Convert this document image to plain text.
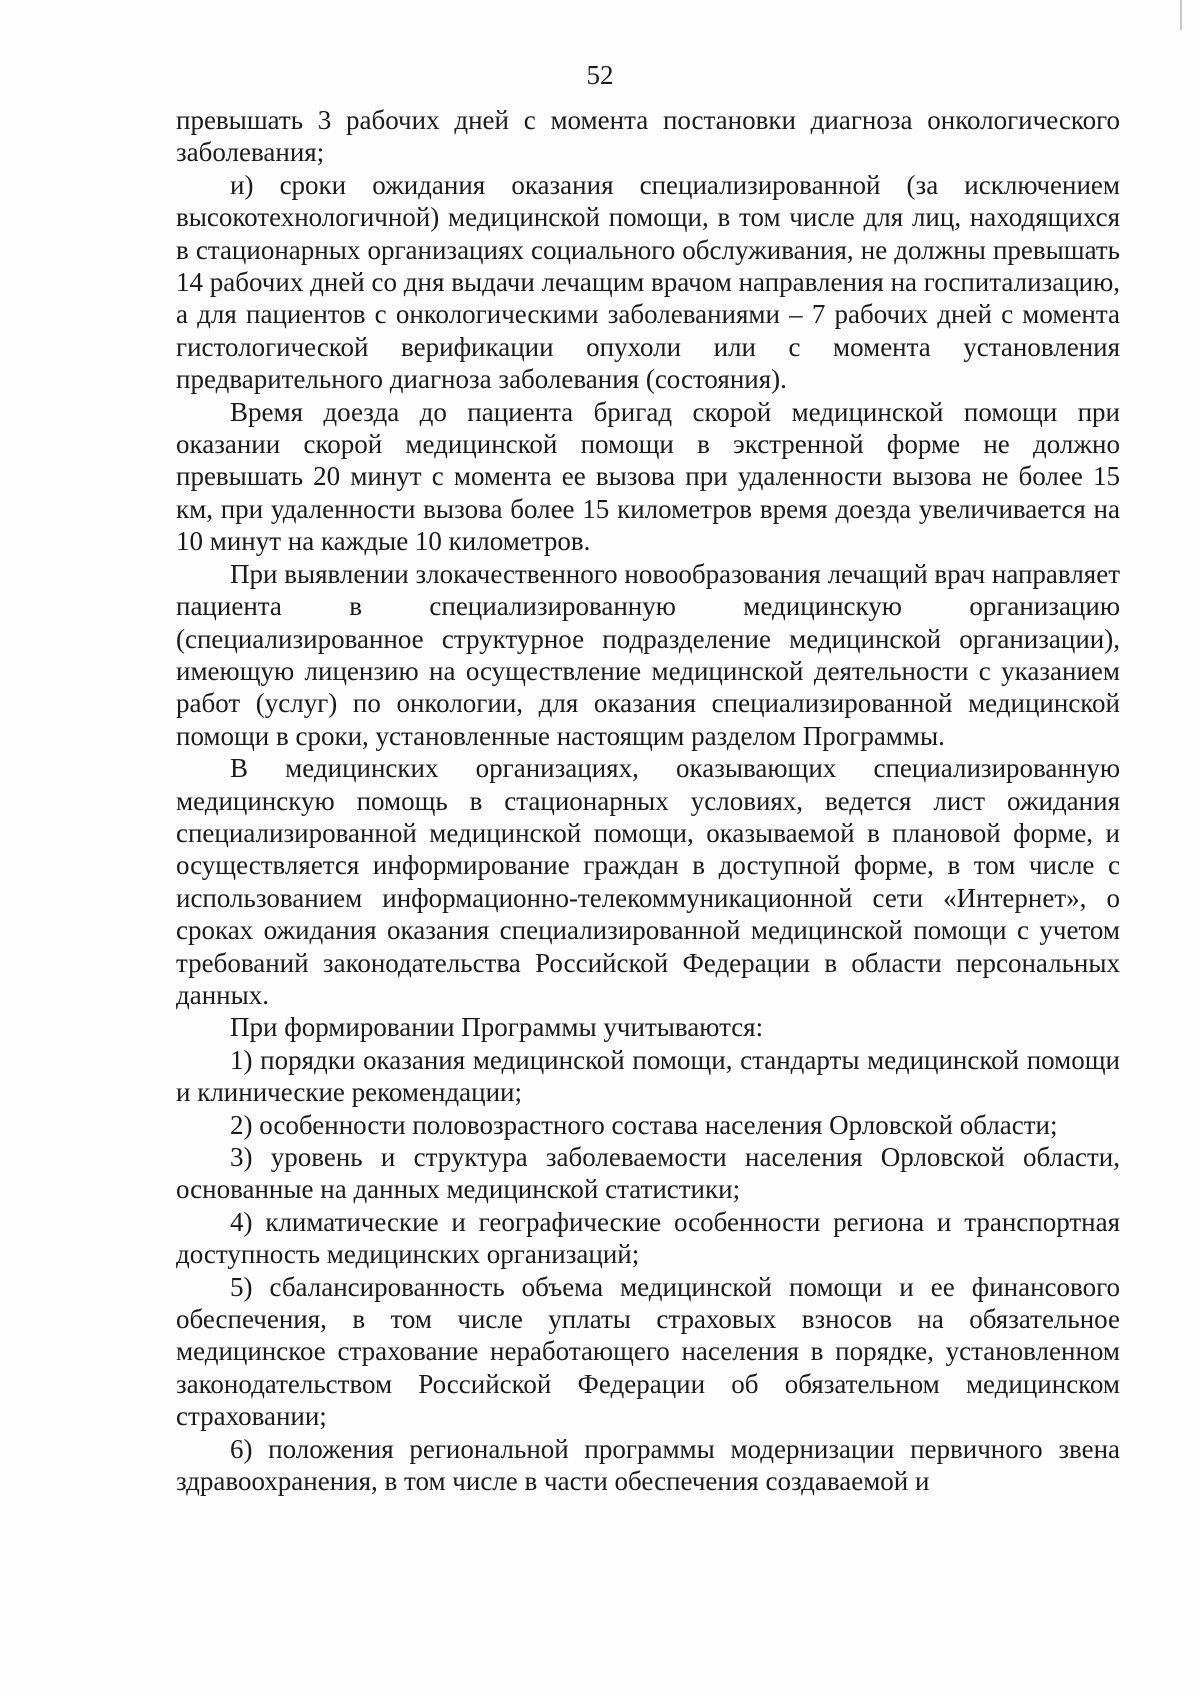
52

превышать 3 рабочих дней с момента постановки диагноза онкологического заболевания;

и) сроки ожидания оказания специализированной (за исключением высокотехнологичной) медицинской помощи, в том числе для лиц, находящихся в стационарных организациях социального обслуживания, не должны превышать 14 рабочих дней со дня выдачи лечащим врачом направления на госпитализацию, а для пациентов с онкологическими заболеваниями – 7 рабочих дней с момента гистологической верификации опухоли или с момента установления предварительного диагноза заболевания (состояния).

Время доезда до пациента бригад скорой медицинской помощи при оказании скорой медицинской помощи в экстренной форме не должно превышать 20 минут с момента ее вызова при удаленности вызова не более 15 км, при удаленности вызова более 15 километров время доезда увеличивается на 10 минут на каждые 10 километров.

При выявлении злокачественного новообразования лечащий врач направляет пациента в специализированную медицинскую организацию (специализированное структурное подразделение медицинской организации), имеющую лицензию на осуществление медицинской деятельности с указанием работ (услуг) по онкологии, для оказания специализированной медицинской помощи в сроки, установленные настоящим разделом Программы.

В медицинских организациях, оказывающих специализированную медицинскую помощь в стационарных условиях, ведется лист ожидания специализированной медицинской помощи, оказываемой в плановой форме, и осуществляется информирование граждан в доступной форме, в том числе с использованием информационно-телекоммуникационной сети «Интернет», о сроках ожидания оказания специализированной медицинской помощи с учетом требований законодательства Российской Федерации в области персональных данных.

При формировании Программы учитываются:

1) порядки оказания медицинской помощи, стандарты медицинской помощи и клинические рекомендации;

2) особенности половозрастного состава населения Орловской области;

3) уровень и структура заболеваемости населения Орловской области, основанные на данных медицинской статистики;

4) климатические и географические особенности региона и транспортная доступность медицинских организаций;

5) сбалансированность объема медицинской помощи и ее финансового обеспечения, в том числе уплаты страховых взносов на обязательное медицинское страхование неработающего населения в порядке, установленном законодательством Российской Федерации об обязательном медицинском страховании;

6) положения региональной программы модернизации первичного звена здравоохранения, в том числе в части обеспечения создаваемой и
